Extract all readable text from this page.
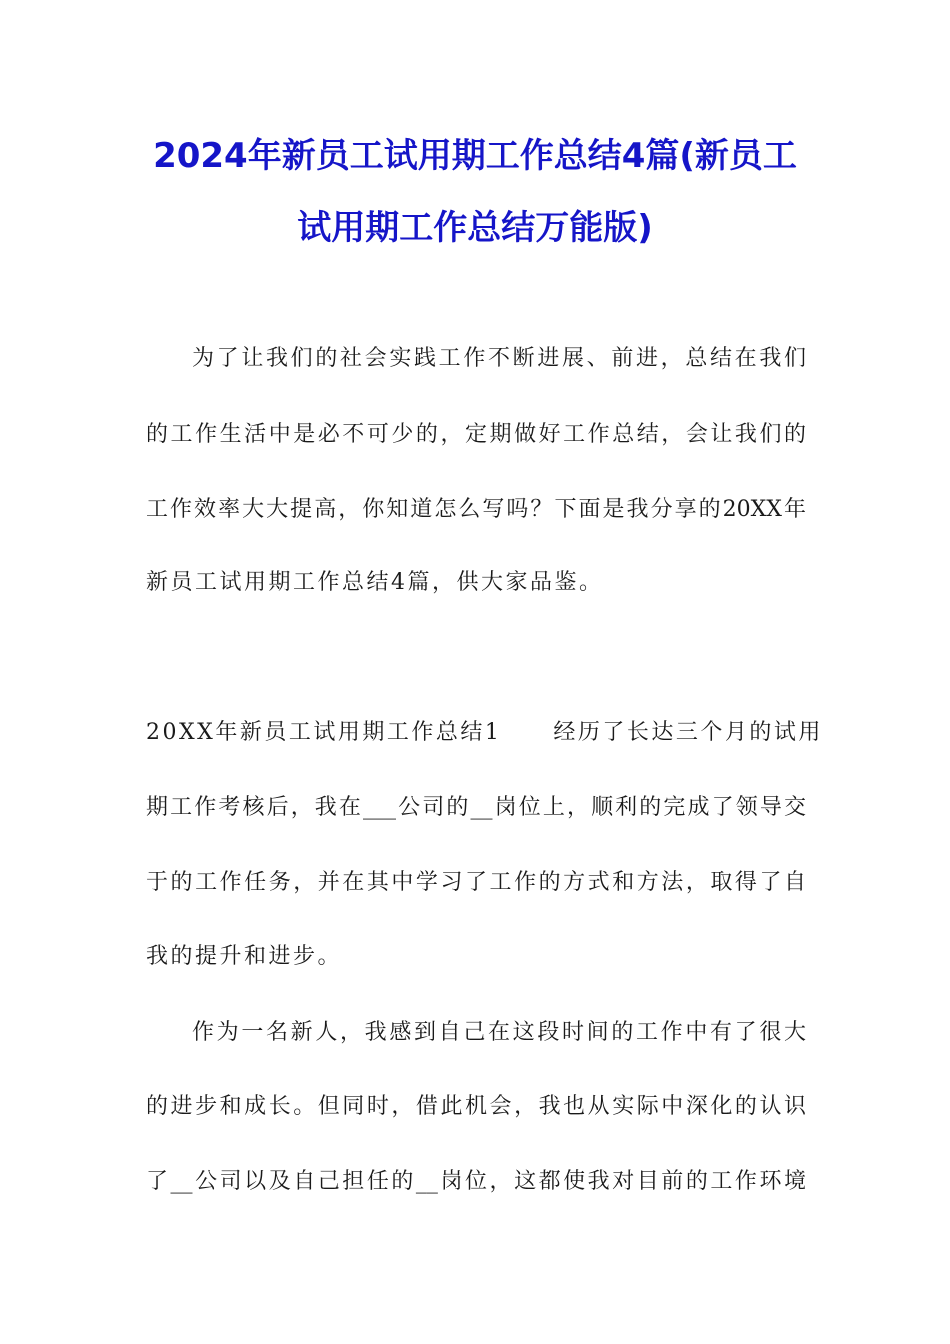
2024年新员工试用期工作总结4篇(新员工
试用期工作总结万能版)
为了让我们的社会实践工作不断进展、前进，总结在我们
的工作生活中是必不可少的，定期做好工作总结，会让我们的
工作效率大大提高，你知道怎么写吗？下面是我分享的20XX年
新员工试用期工作总结4篇，供大家品鉴。
20XX年新员工试用期工作总结1 经历了长达三个月的试用
期工作考核后，我在___公司的__岗位上，顺利的完成了领导交
于的工作任务，并在其中学习了工作的方式和方法，取得了自
我的提升和进步。
作为一名新人，我感到自己在这段时间的工作中有了很大
的进步和成长。但同时，借此机会，我也从实际中深化的认识
了__公司以及自己担任的__岗位，这都使我对目前的工作环境
